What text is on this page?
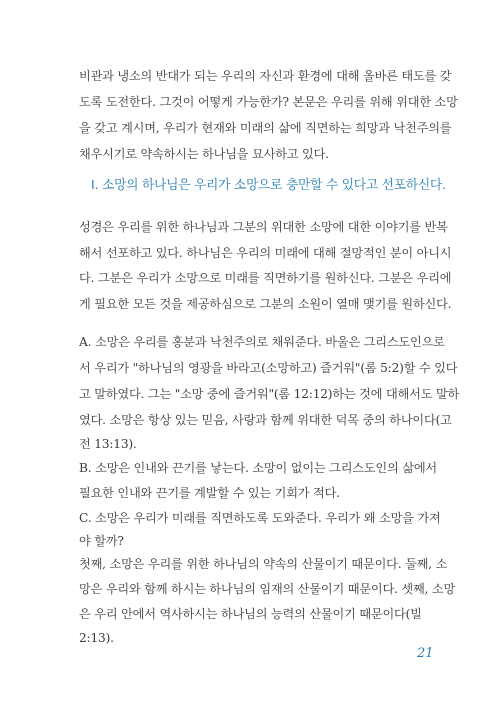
비관과 냉소의 반대가 되는 우리의 자신과 환경에 대해 올바른 태도를 갖
도록 도전한다. 그것이 어떻게 가능한가? 본문은 우리를 위해 위대한 소망
을 갖고 계시며, 우리가 현재와 미래의 삶에 직면하는 희망과 낙천주의를
채우시기로 약속하시는 하나님을 묘사하고 있다.
I. 소망의 하나님은 우리가 소망으로 충만할 수 있다고 선포하신다.
성경은 우리를 위한 하나님과 그분의 위대한 소망에 대한 이야기를 반복
해서 선포하고 있다. 하나님은 우리의 미래에 대해 절망적인 분이 아니시
다. 그분은 우리가 소망으로 미래를 직면하기를 원하신다. 그분은 우리에
게 필요한 모든 것을 제공하심으로 그분의 소원이 열매 맺기를 원하신다.
A. 소망은 우리를 홍분과 낙천주의로 채워준다. 바울은 그리스도인으로
서 우리가 "하나님의 영광을 바라고(소망하고) 즐거워"(롬 5:2)할 수 있다
고 말하였다. 그는 "소망 중에 즐거워"(롬 12:12)하는 것에 대해서도 말하
였다. 소망은 항상 있는 믿음, 사랑과 함께 위대한 덕목 중의 하나이다(고
전 13:13).
B. 소망은 인내와 끈기를 낳는다. 소망이 없이는 그리스도인의 삶에서
필요한 인내와 끈기를 계발할 수 있는 기회가 적다.
C. 소망은 우리가 미래를 직면하도록 도와준다. 우리가 왜 소망을 가져
야 할까?
첫째, 소망은 우리를 위한 하나님의 약속의 산물이기 때문이다. 둘째, 소
망은 우리와 함께 하시는 하나님의 임재의 산물이기 때문이다. 셋째, 소망
은 우리 안에서 역사하시는 하나님의 능력의 산물이기 때문이다(빌
2:13).
21
